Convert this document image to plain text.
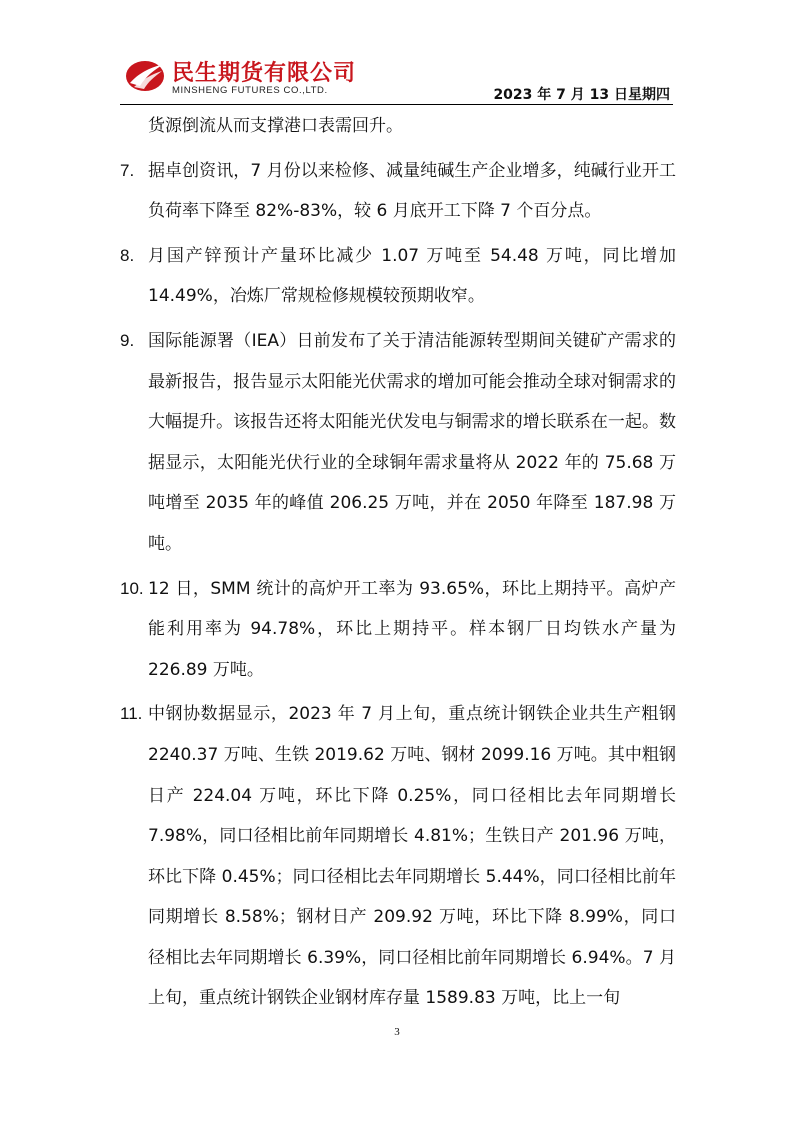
民生期货有限公司
MINSHENG FUTURES CO.,LTD.	2023 年 7 月 13 日星期四
货源倒流从而支撑港口表需回升。
7. 据卓创资讯，7 月份以来检修、减量纯碱生产企业增多，纯碱行业开工负荷率下降至 82%-83%，较 6 月底开工下降 7 个百分点。
8. 月国产锌预计产量环比减少 1.07 万吨至 54.48 万吨，同比增加 14.49%，冶炼厂常规检修规模较预期收窄。
9. 国际能源署（IEA）日前发布了关于清洁能源转型期间关键矿产需求的最新报告，报告显示太阳能光伏需求的增加可能会推动全球对铜需求的大幅提升。该报告还将太阳能光伏发电与铜需求的增长联系在一起。数据显示，太阳能光伏行业的全球铜年需求量将从 2022 年的 75.68 万吨增至 2035 年的峰值 206.25 万吨，并在 2050 年降至 187.98 万吨。
10. 12 日，SMM 统计的高炉开工率为 93.65%，环比上期持平。高炉产能利用率为 94.78%，环比上期持平。样本钢厂日均铁水产量为 226.89 万吨。
11. 中钢协数据显示，2023 年 7 月上旬，重点统计钢铁企业共生产粗钢 2240.37 万吨、生铁 2019.62 万吨、钢材 2099.16 万吨。其中粗钢日产 224.04 万吨，环比下降 0.25%，同口径相比去年同期增长 7.98%，同口径相比前年同期增长 4.81%；生铁日产 201.96 万吨，环比下降 0.45%；同口径相比去年同期增长 5.44%，同口径相比前年同期增长 8.58%；钢材日产 209.92 万吨，环比下降 8.99%，同口径相比去年同期增长 6.39%，同口径相比前年同期增长 6.94%。7 月上旬，重点统计钢铁企业钢材库存量 1589.83 万吨，比上一旬
3
